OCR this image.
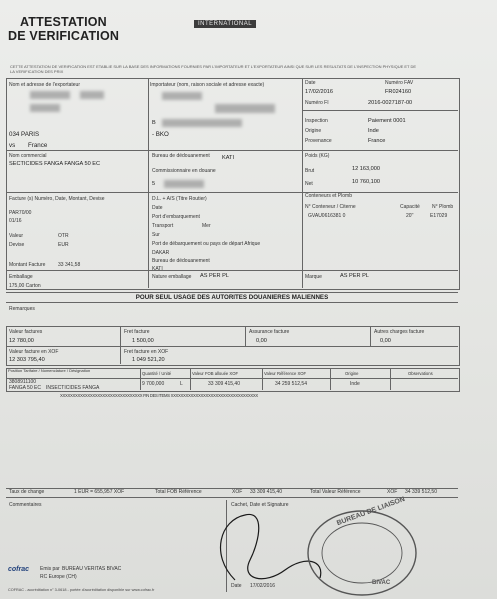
ATTESTATION
DE VERIFICATION
INTERNATIONAL
CETTE ATTESTATION DE VERIFICATION EST ETABLIE SUR LA BASE DES INFORMATIONS FOURNIES PAR L'IMPORTATEUR ET L'EXPORTATEUR AINSI QUE SUR LES RESULTATS DE L'INSPECTION PHYSIQUE ET DE LA VERIFICATION DES PRIX
Nom et adresse de l'exportateur
034 PARIS
vs France
Importateur (nom, raison sociale et adresse exacte)
B
- BKO
Date
17/02/2016
Numéro FAV
FR024160
Numéro FI	2016-0027187-00
Inspection	Paiement 0001
Origine	Inde
Provenance	France
Nom commercial
SECTICIDES FANGA FANGA 50 EC
Bureau de dédouanement	KATI
Commissionnaire en douane
5
Poids (KG)
Brut	12 163,000
Net	10 760,100
Facture (s) Numéro, Date, Montant, Devise
PAR70/00
01/16
Valeur	OTR
Devise	EUR
Montant Facture	33 341,58
D.L. + A/S (Titre Routier)
Date
Port d'embarquement
Transport	Mer
Sur
Port de débarquement ou pays de départ Afrique
DAKAR
Bureau de dédouanement
KATI
Conteneurs et Plomb
N° Conteneur / Citerne	Capacité N° Plomb
GVAU0616381 0	20''	E17029
Emballage
175,00 Carton
Nature emballage AS PER PL	Marque	AS PER PL
POUR SEUL USAGE DES AUTORITES DOUANIERES MALIENNES
Remarques
Valeur factures
12 780,00
Fret facture
1 500,00
Assurance facture
0,00
Autres charges facture
0,00
Valeur facture en XOF
12 303 795,40
Fret facture en XOF
1 049 521,20
Position Tarifaire / Nomenclature / Désignation
Quantité / Unité	Valeur FOB allouée XOF	Valeur Référence XOF	Origine	Observations
3808911100
FANGA 50 EC INSECTICIDES FANGA
9 700,000	L	33 309 415,40	34 259 512,54	Inde
XXXXXXXXXXXXXXXXXXXXXXXXXXXXXXXXX FIN DES ITEMS XXXXXXXXXXXXXXXXXXXXXXXXXXXXXXXXXXX
Taux de change	1 EUR = 655,957 XOF	Total FOB Référence	XOF 33 309 415,40	Total Valeur Référence	XOF 34 339 512,50
Commentaires	Cachet, Date et Signature
Date 17/02/2016
cofrac Emis par BUREAU VERITAS BIVAC
RC Europe (CH)
COFRAC - accréditation n° 3-0618 - portée d'accréditation disponible sur www.cofrac.fr
BUREAU DE LIAISON
BIVAC
